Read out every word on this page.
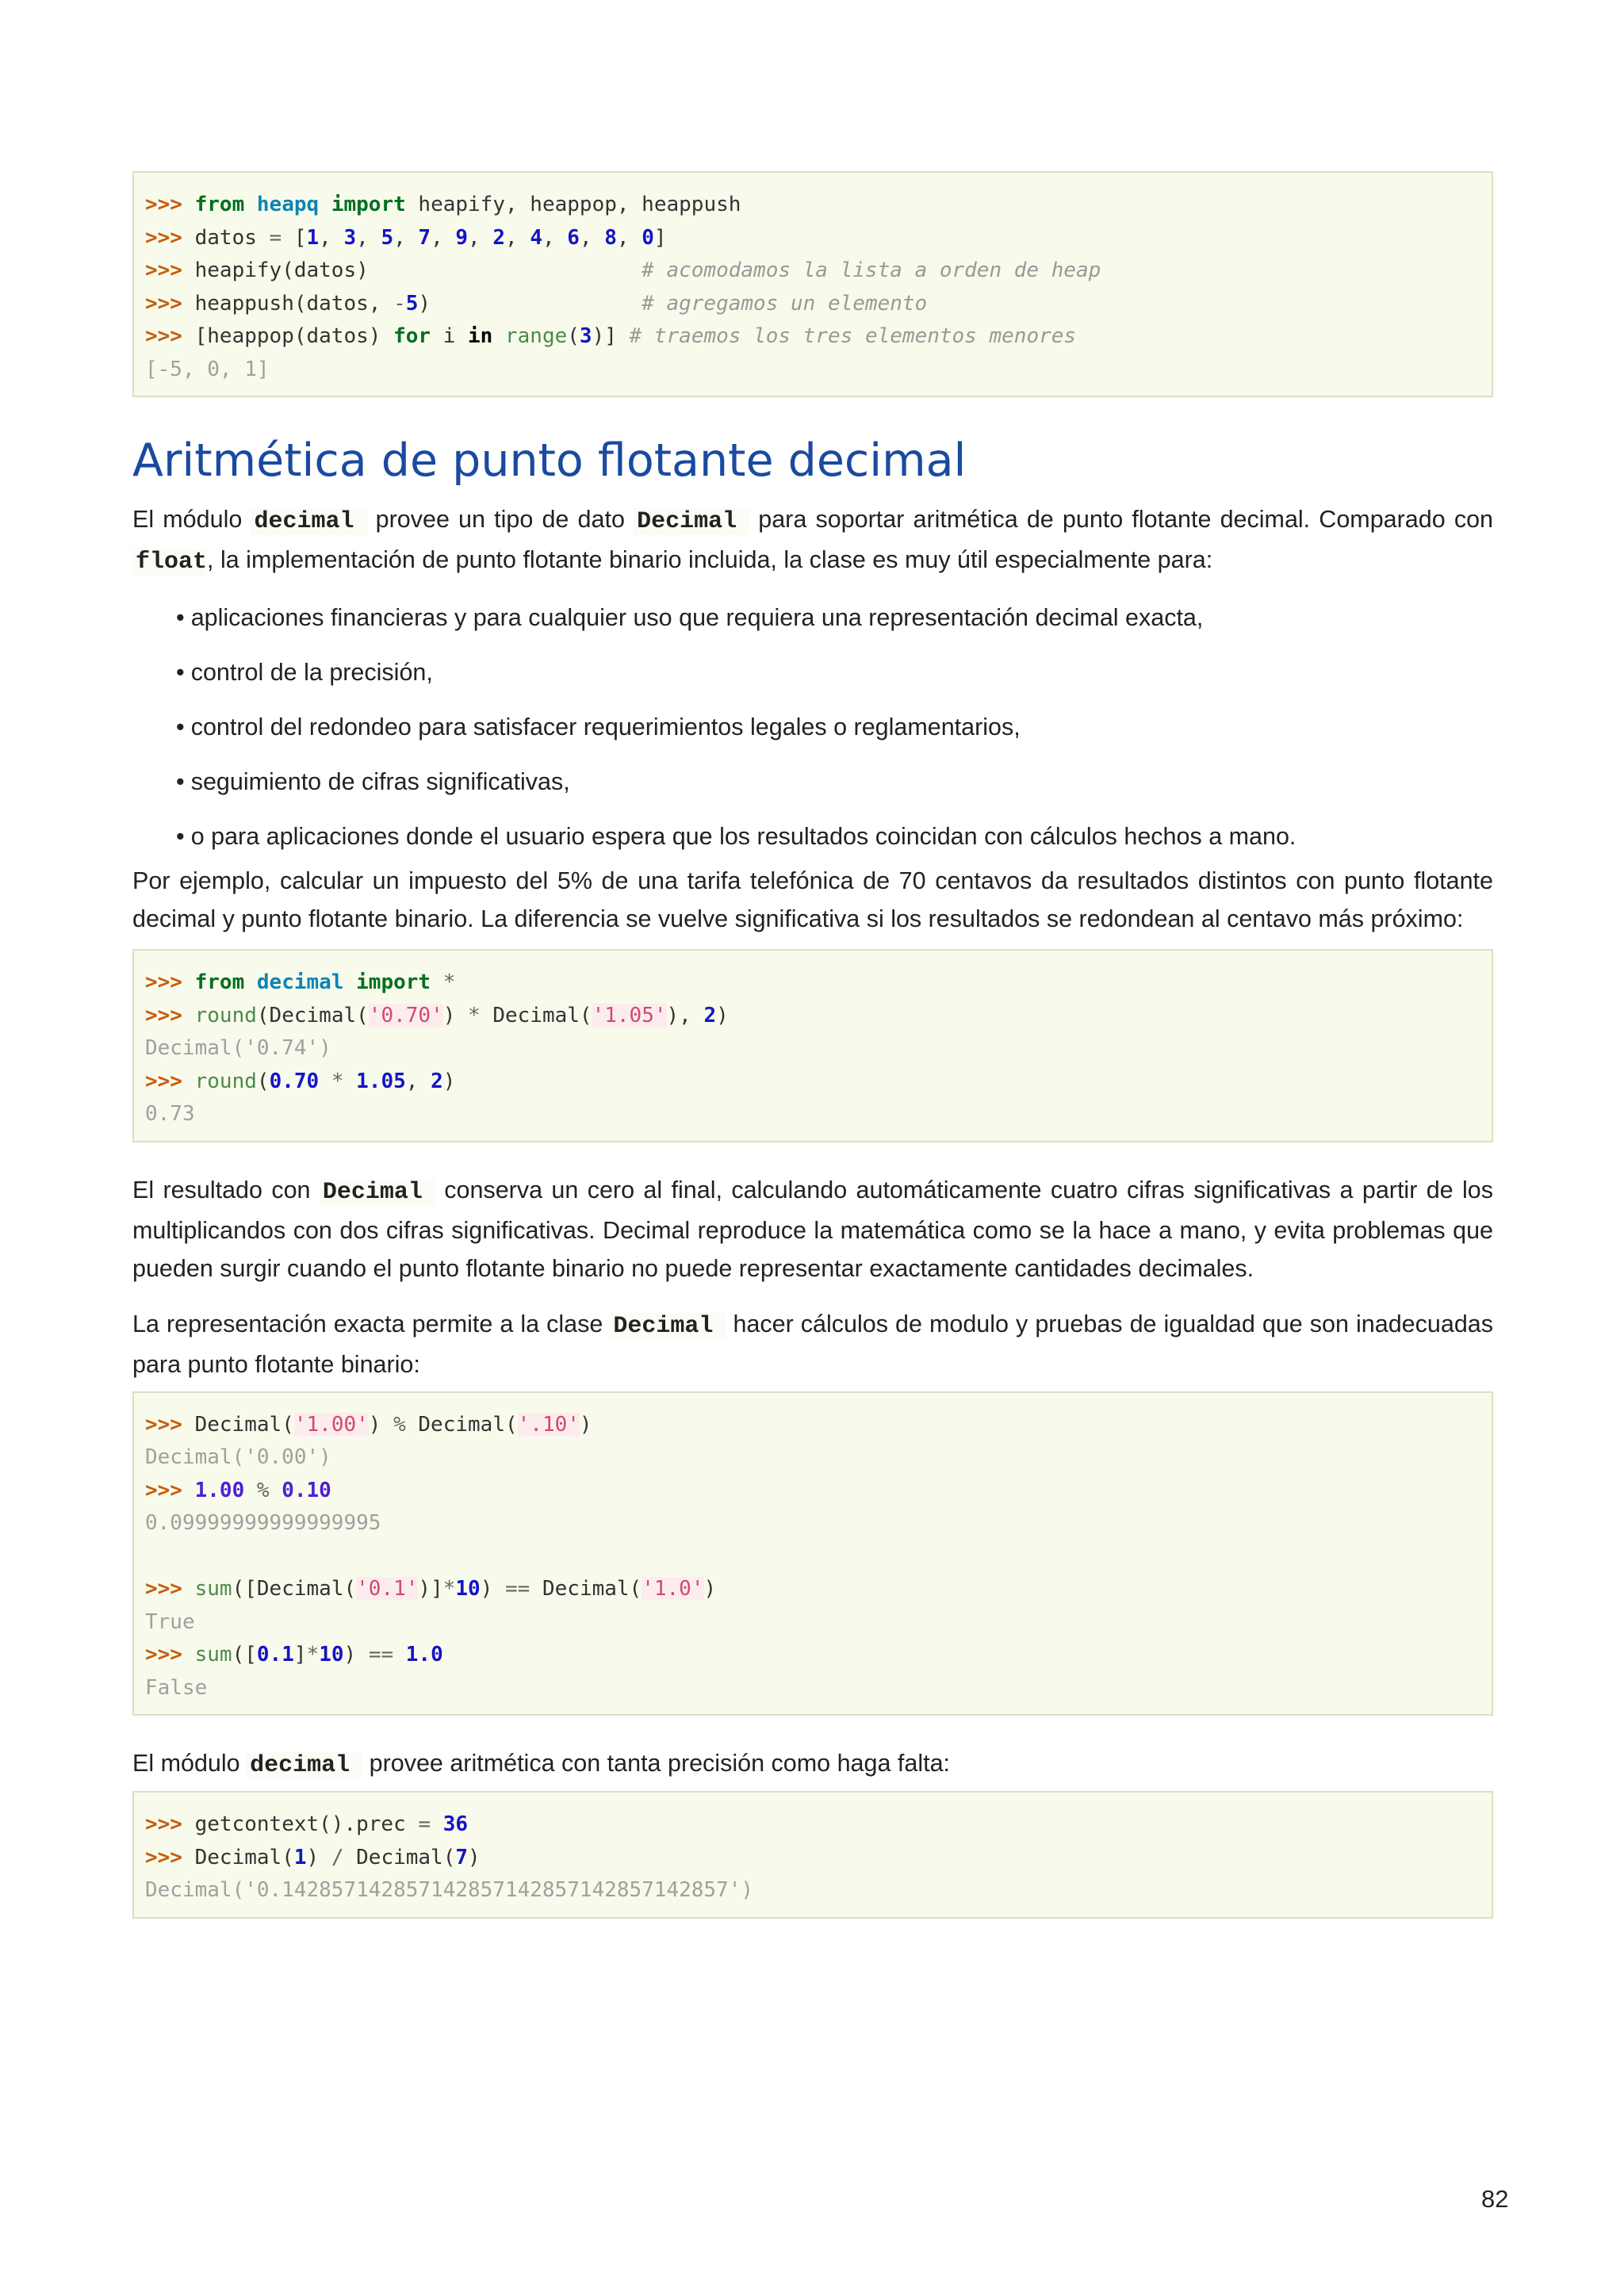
>>> from heapq import heapify, heappop, heappush
>>> datos = [1, 3, 5, 7, 9, 2, 4, 6, 8, 0]
>>> heapify(datos)                      # acomodamos la lista a orden de heap
>>> heappush(datos, -5)                 # agregamos un elemento
>>> [heappop(datos) for i in range(3)] # traemos los tres elementos menores
[-5, 0, 1]
Aritmética de punto flotante decimal

El módulo decimal provee un tipo de dato Decimal para soportar aritmética de punto flotante decimal. Comparado con float, la implementación de punto flotante binario incluida, la clase es muy útil especialmente para:

• aplicaciones financieras y para cualquier uso que requiera una representación decimal exacta,
• control de la precisión,
• control del redondeo para satisfacer requerimientos legales o reglamentarios,
• seguimiento de cifras significativas,
• o para aplicaciones donde el usuario espera que los resultados coincidan con cálculos hechos a mano.

Por ejemplo, calcular un impuesto del 5% de una tarifa telefónica de 70 centavos da resultados distintos con punto flotante decimal y punto flotante binario. La diferencia se vuelve significativa si los resultados se redondean al centavo más próximo:

>>> from decimal import *
>>> round(Decimal('0.70') * Decimal('1.05'), 2)
Decimal('0.74')
>>> round(0.70 * 1.05, 2)
0.73

El resultado con Decimal conserva un cero al final, calculando automáticamente cuatro cifras significativas a partir de los multiplicandos con dos cifras significativas. Decimal reproduce la matemática como se la hace a mano, y evita problemas que pueden surgir cuando el punto flotante binario no puede representar exactamente cantidades decimales.

La representación exacta permite a la clase Decimal hacer cálculos de modulo y pruebas de igualdad que son inadecuadas para punto flotante binario:

>>> Decimal('1.00') % Decimal('.10')
Decimal('0.00')
>>> 1.00 % 0.10
0.09999999999999995
>>> sum([Decimal('0.1')]*10) == Decimal('1.0')
True
>>> sum([0.1]*10) == 1.0
False

El módulo decimal provee aritmética con tanta precisión como haga falta:

>>> getcontext().prec = 36
>>> Decimal(1) / Decimal(7)
Decimal('0.142857142857142857142857142857142857')
82
